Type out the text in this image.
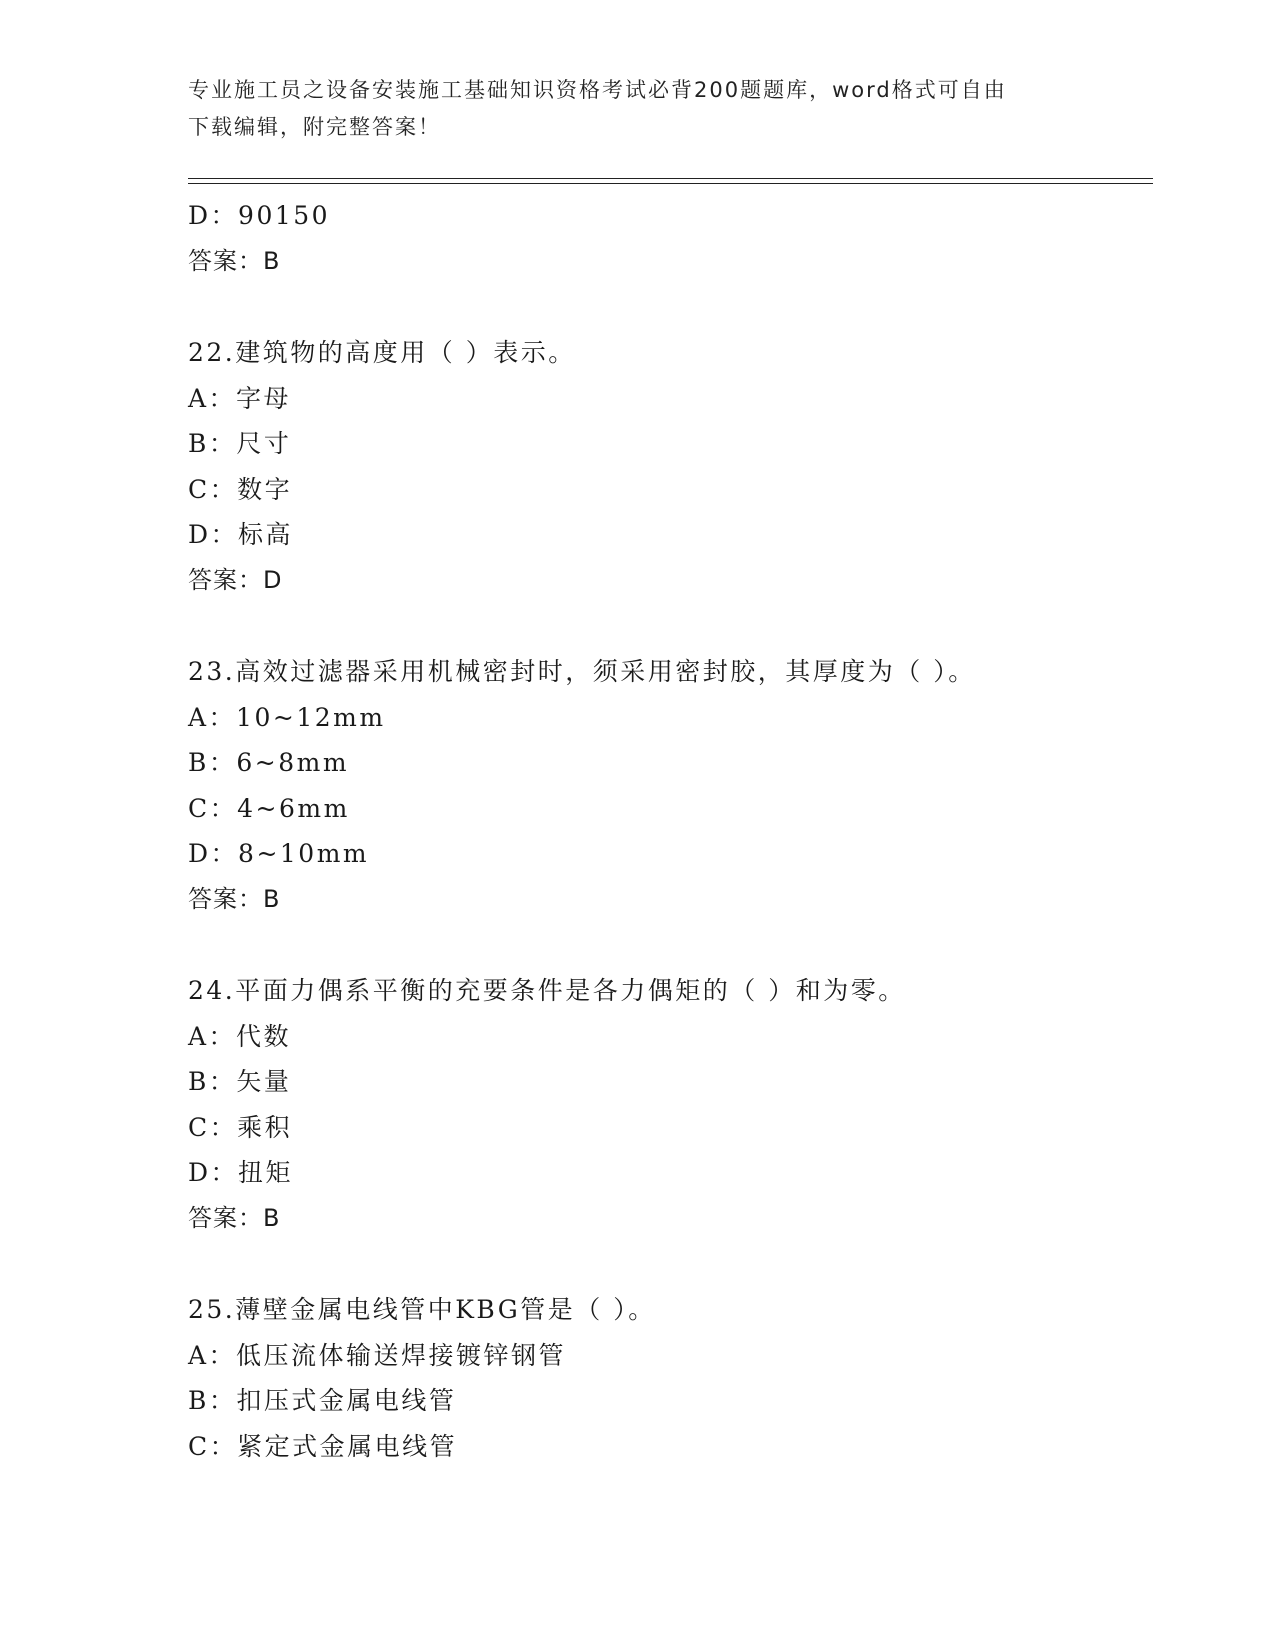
专业施工员之设备安装施工基础知识资格考试必背200题题库，word格式可自由
下载编辑，附完整答案！
D：90150
答案：B
22.建筑物的高度用（ ）表示。
A：字母
B：尺寸
C：数字
D：标高
答案：D
23.高效过滤器采用机械密封时，须采用密封胶，其厚度为（ ）。
A：10~12mm
B：6~8mm
C：4~6mm
D：8~10mm
答案：B
24.平面力偶系平衡的充要条件是各力偶矩的（ ）和为零。
A：代数
B：矢量
C：乘积
D：扭矩
答案：B
25.薄壁金属电线管中KBG管是（ ）。
A：低压流体输送焊接镀锌钢管
B：扣压式金属电线管
C：紧定式金属电线管
